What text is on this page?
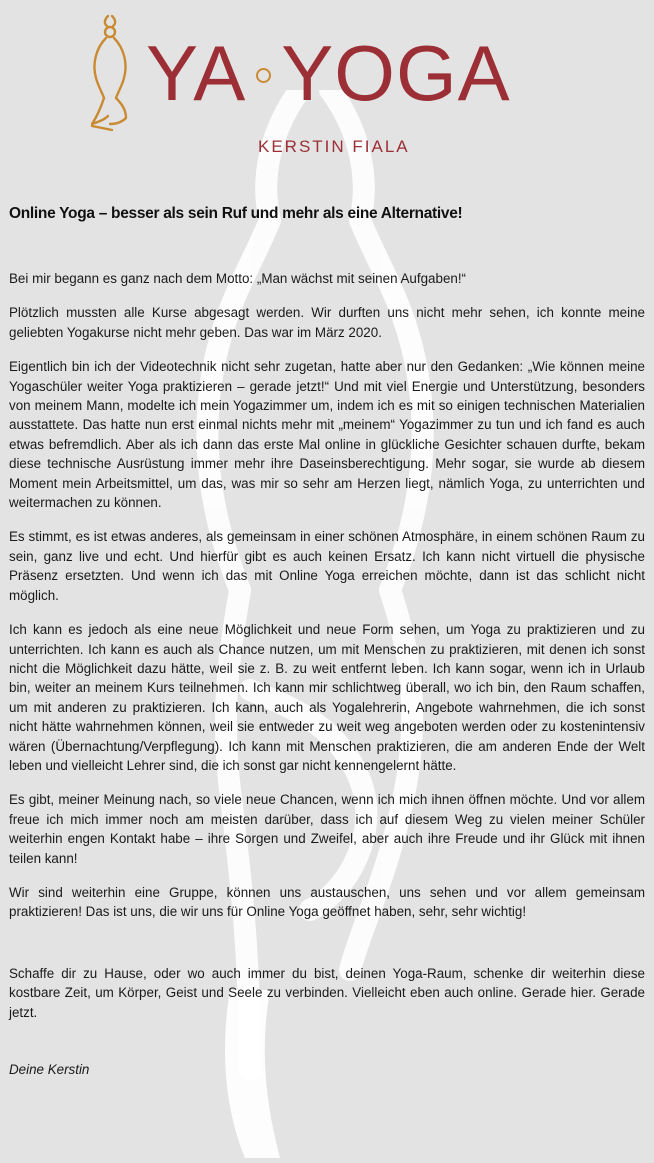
YA YOGA
KERSTIN FIALA
Online Yoga – besser als sein Ruf und mehr als eine Alternative!

Bei mir begann es ganz nach dem Motto: „Man wächst mit seinen Aufgaben!“

Plötzlich mussten alle Kurse abgesagt werden. Wir durften uns nicht mehr sehen, ich konnte meine geliebten Yogakurse nicht mehr geben. Das war im März 2020.

Eigentlich bin ich der Videotechnik nicht sehr zugetan, hatte aber nur den Gedanken: „Wie können meine Yogaschüler weiter Yoga praktizieren – gerade jetzt!“ Und mit viel Energie und Unterstützung, besonders von meinem Mann, modelte ich mein Yogazimmer um, indem ich es mit so einigen technischen Materialien ausstattete. Das hatte nun erst einmal nichts mehr mit „meinem“ Yogazimmer zu tun und ich fand es auch etwas befremdlich. Aber als ich dann das erste Mal online in glückliche Gesichter schauen durfte, bekam diese technische Ausrüstung immer mehr ihre Daseinsberechtigung. Mehr sogar, sie wurde ab diesem Moment mein Arbeitsmittel, um das, was mir so sehr am Herzen liegt, nämlich Yoga, zu unterrichten und weitermachen zu können.

Es stimmt, es ist etwas anderes, als gemeinsam in einer schönen Atmosphäre, in einem schönen Raum zu sein, ganz live und echt. Und hierfür gibt es auch keinen Ersatz. Ich kann nicht virtuell die physische Präsenz ersetzten. Und wenn ich das mit Online Yoga erreichen möchte, dann ist das schlicht nicht möglich.

Ich kann es jedoch als eine neue Möglichkeit und neue Form sehen, um Yoga zu praktizieren und zu unterrichten. Ich kann es auch als Chance nutzen, um mit Menschen zu praktizieren, mit denen ich sonst nicht die Möglichkeit dazu hätte, weil sie z. B. zu weit entfernt leben. Ich kann sogar, wenn ich in Urlaub bin, weiter an meinem Kurs teilnehmen. Ich kann mir schlichtweg überall, wo ich bin, den Raum schaffen, um mit anderen zu praktizieren. Ich kann, auch als Yogalehrerin, Angebote wahrnehmen, die ich sonst nicht hätte wahrnehmen können, weil sie entweder zu weit weg angeboten werden oder zu kostenintensiv wären (Übernachtung/Verpflegung). Ich kann mit Menschen praktizieren, die am anderen Ende der Welt leben und vielleicht Lehrer sind, die ich sonst gar nicht kennengelernt hätte.

Es gibt, meiner Meinung nach, so viele neue Chancen, wenn ich mich ihnen öffnen möchte. Und vor allem freue ich mich immer noch am meisten darüber, dass ich auf diesem Weg zu vielen meiner Schüler weiterhin engen Kontakt habe – ihre Sorgen und Zweifel, aber auch ihre Freude und ihr Glück mit ihnen teilen kann!

Wir sind weiterhin eine Gruppe, können uns austauschen, uns sehen und vor allem gemeinsam praktizieren! Das ist uns, die wir uns für Online Yoga geöffnet haben, sehr, sehr wichtig!

Schaffe dir zu Hause, oder wo auch immer du bist, deinen Yoga-Raum, schenke dir weiterhin diese kostbare Zeit, um Körper, Geist und Seele zu verbinden. Vielleicht eben auch online. Gerade hier. Gerade jetzt.

Deine Kerstin
